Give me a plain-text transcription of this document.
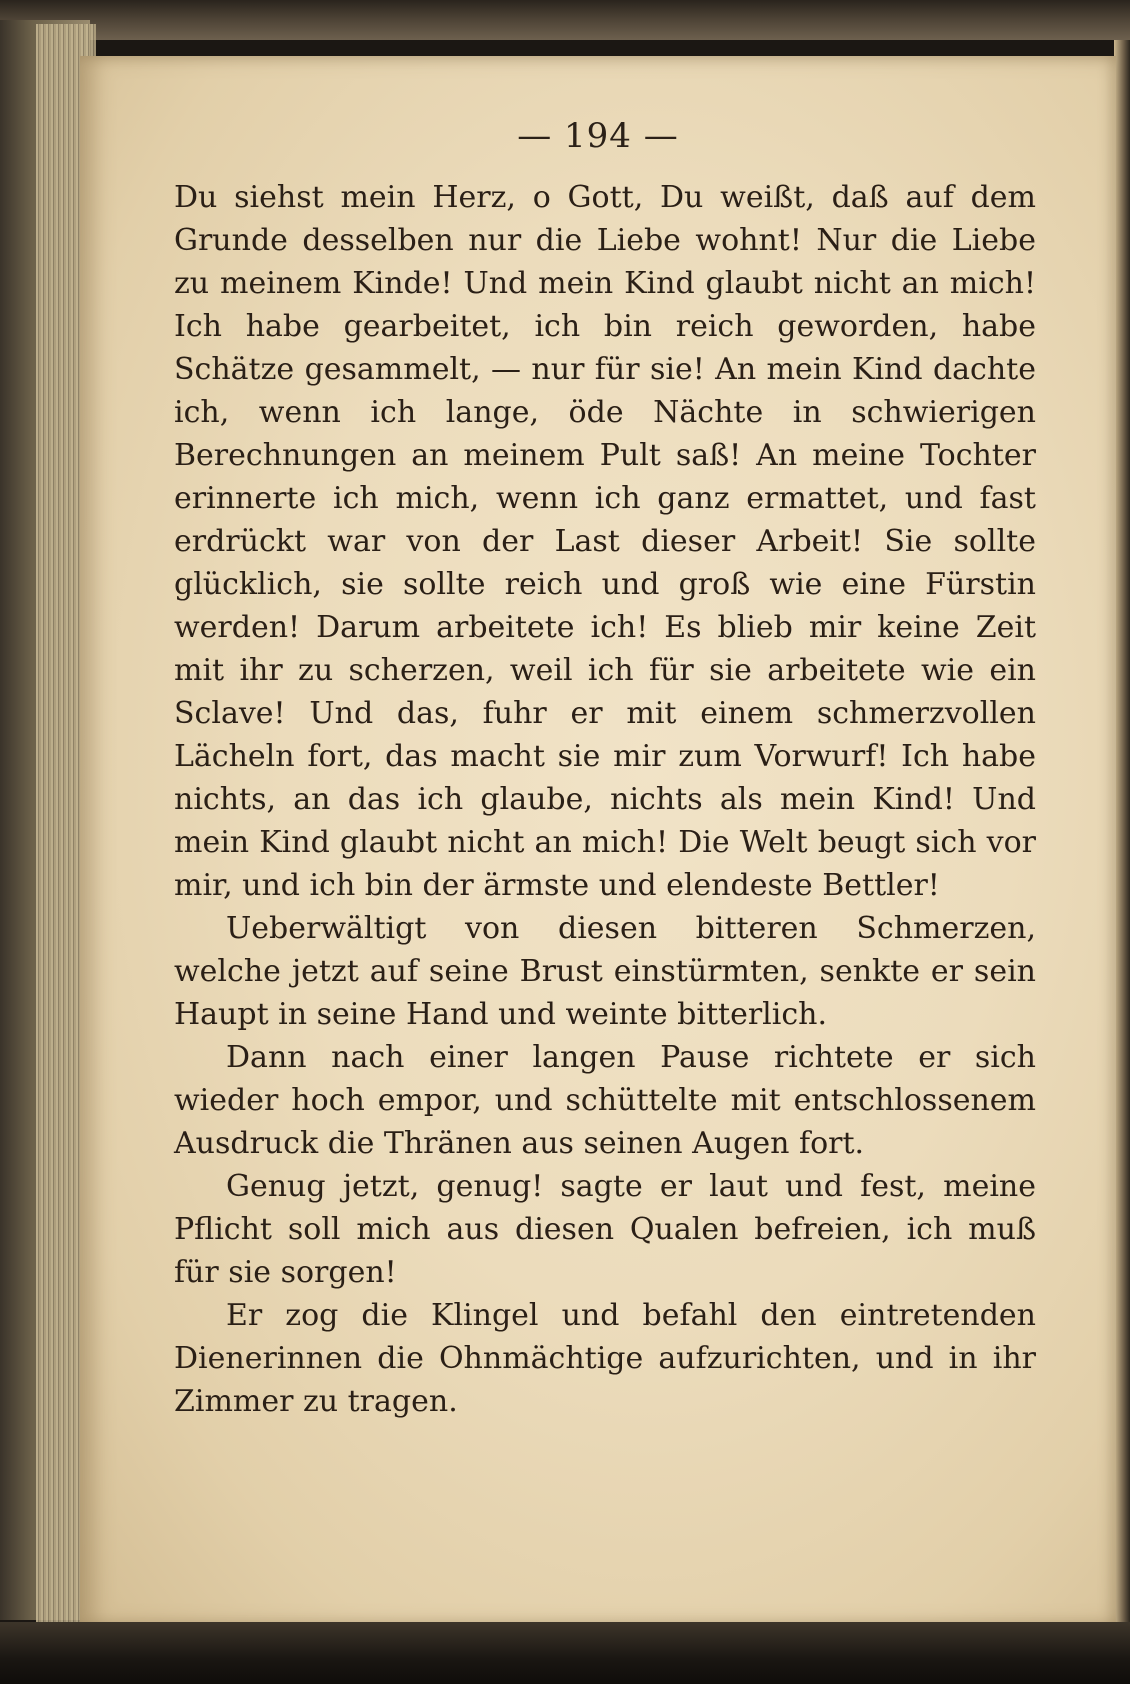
— 194 —

Du siehst mein Herz, o Gott, Du weißt, daß auf dem Grunde desselben nur die Liebe wohnt! Nur die Liebe zu meinem Kinde! Und mein Kind glaubt nicht an mich! Ich habe gearbeitet, ich bin reich geworden, habe Schätze gesammelt, — nur für sie! An mein Kind dachte ich, wenn ich lange, öde Nächte in schwierigen Berechnungen an meinem Pult saß! An meine Tochter erinnerte ich mich, wenn ich ganz ermattet, und fast erdrückt war von der Last dieser Arbeit! Sie sollte glücklich, sie sollte reich und groß wie eine Fürstin werden! Darum arbeitete ich! Es blieb mir keine Zeit mit ihr zu scherzen, weil ich für sie arbeitete wie ein Sclave! Und das, fuhr er mit einem schmerzvollen Lächeln fort, das macht sie mir zum Vorwurf! Ich habe nichts, an das ich glaube, nichts als mein Kind! Und mein Kind glaubt nicht an mich! Die Welt beugt sich vor mir, und ich bin der ärmste und elendeste Bettler!

Ueberwältigt von diesen bitteren Schmerzen, welche jetzt auf seine Brust einstürmten, senkte er sein Haupt in seine Hand und weinte bitterlich.

Dann nach einer langen Pause richtete er sich wieder hoch empor, und schüttelte mit entschlossenem Ausdruck die Thränen aus seinen Augen fort.

Genug jetzt, genug! sagte er laut und fest, meine Pflicht soll mich aus diesen Qualen befreien, ich muß für sie sorgen!

Er zog die Klingel und befahl den eintretenden Dienerinnen die Ohnmächtige aufzurichten, und in ihr Zimmer zu tragen.
